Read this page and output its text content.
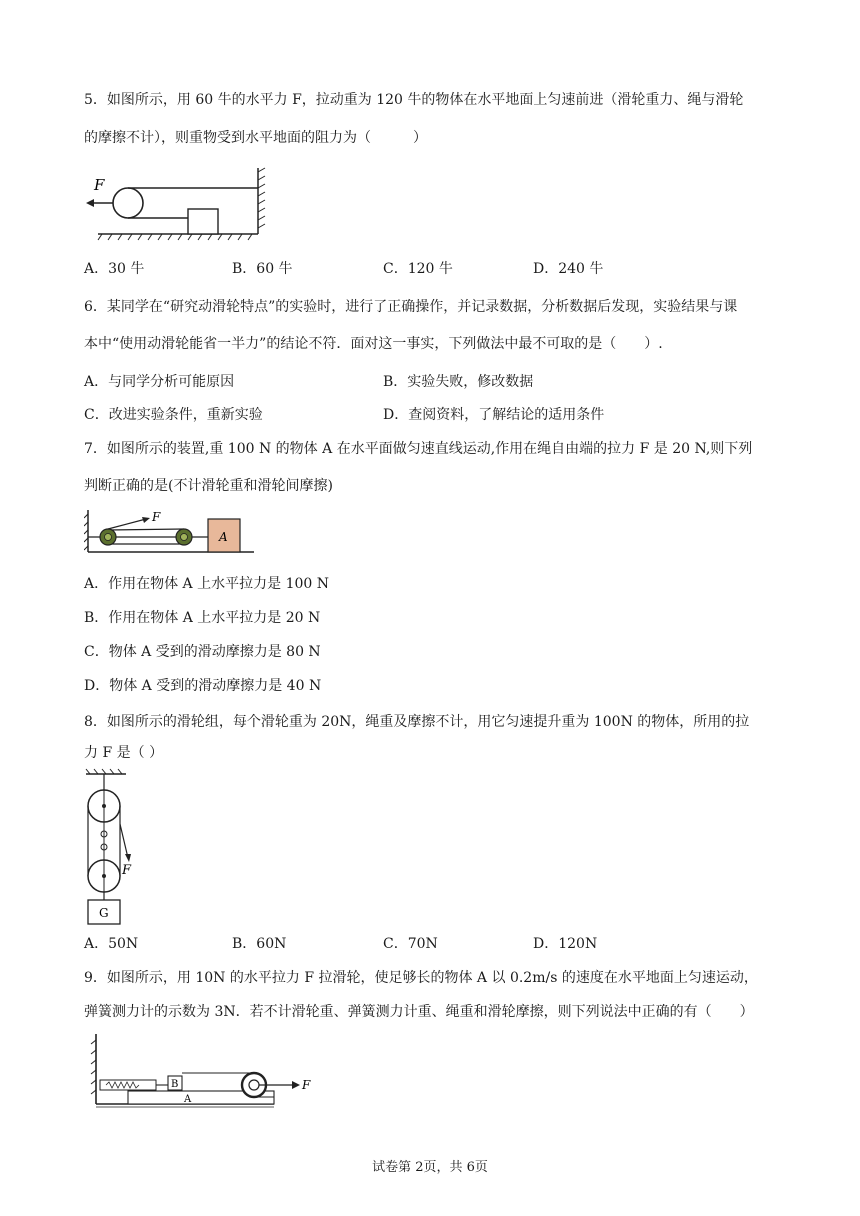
5．如图所示，用 60 牛的水平力 F，拉动重为 120 牛的物体在水平地面上匀速前进（滑轮重力、绳与滑轮
的摩擦不计），则重物受到水平地面的阻力为（　　　）
F
A．30 牛	B．60 牛	C．120 牛	D．240 牛
6．某同学在“研究动滑轮特点”的实验时，进行了正确操作，并记录数据，分析数据后发现，实验结果与课
本中“使用动滑轮能省一半力”的结论不符．面对这一事实，下列做法中最不可取的是（　　）.
A．与同学分析可能原因	B．实验失败，修改数据
C．改进实验条件，重新实验	D．查阅资料，了解结论的适用条件
7．如图所示的装置,重 100 N 的物体 A 在水平面做匀速直线运动,作用在绳自由端的拉力 F 是 20 N,则下列
判断正确的是(不计滑轮重和滑轮间摩擦)
F
A
A．作用在物体 A 上水平拉力是 100 N
B．作用在物体 A 上水平拉力是 20 N
C．物体 A 受到的滑动摩擦力是 80 N
D．物体 A 受到的滑动摩擦力是 40 N
8．如图所示的滑轮组，每个滑轮重为 20N，绳重及摩擦不计，用它匀速提升重为 100N 的物体，所用的拉
力 F 是（ ）
F
G
A．50N	B．60N	C．70N	D．120N
9．如图所示，用 10N 的水平拉力 F 拉滑轮，使足够长的物体 A 以 0.2m/s 的速度在水平地面上匀速运动，
弹簧测力计的示数为 3N．若不计滑轮重、弹簧测力计重、绳重和滑轮摩擦，则下列说法中正确的有（　　）
B
A
F
试卷第 2页，共 6页
